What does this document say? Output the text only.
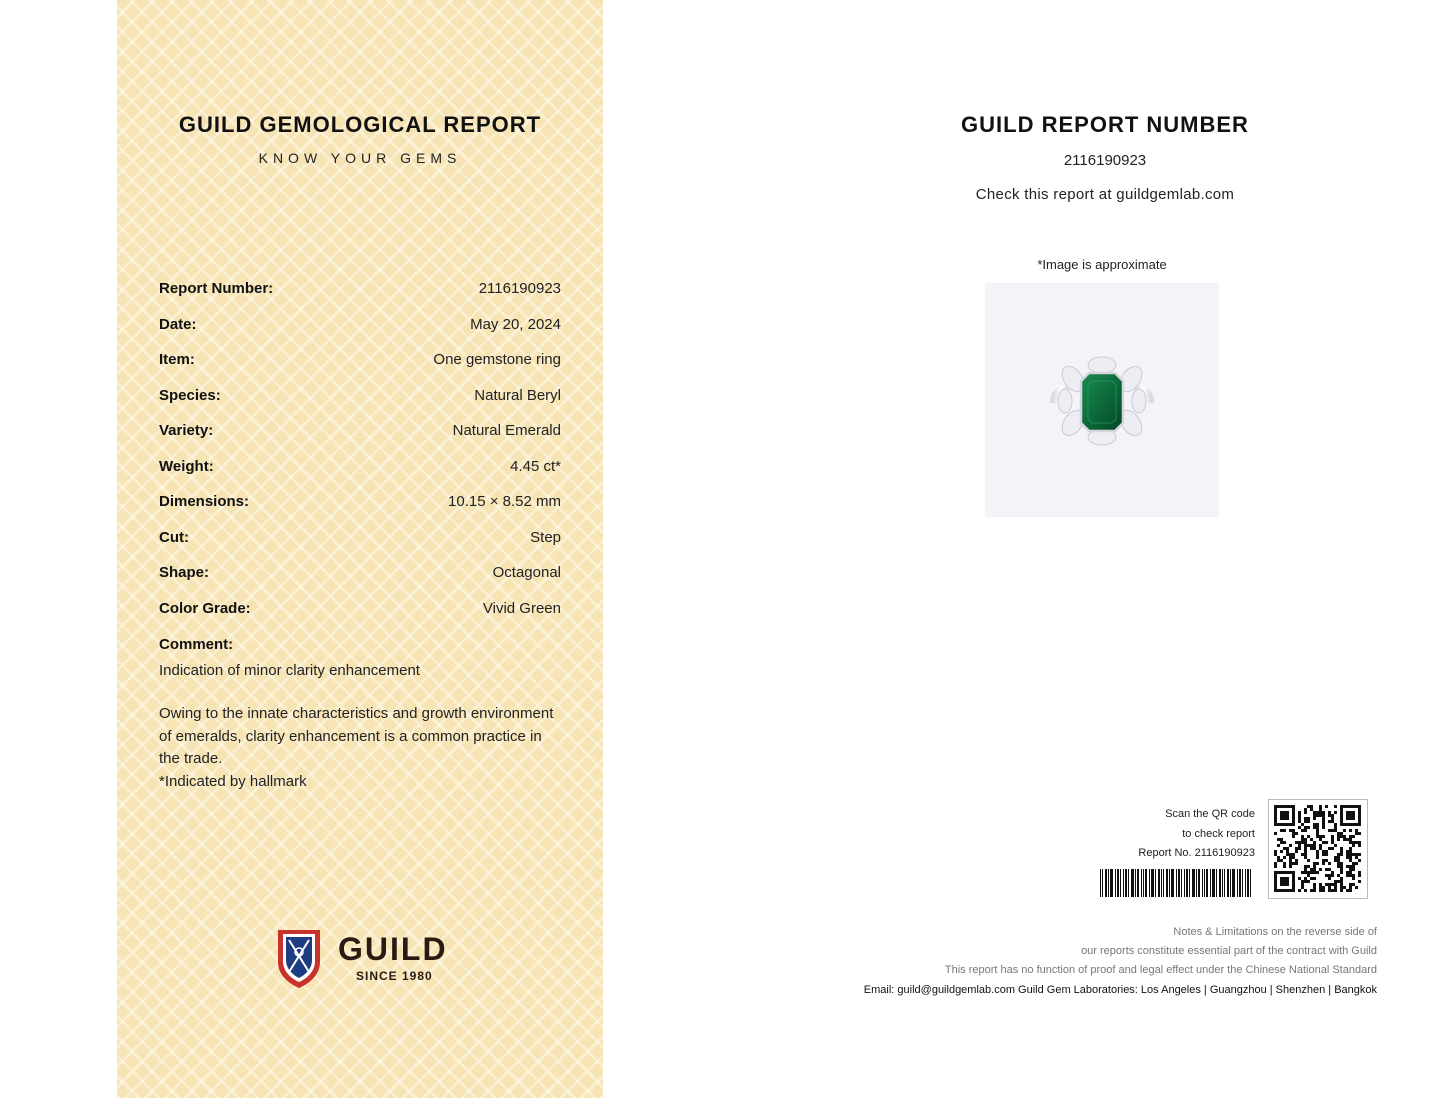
GUILD GEMOLOGICAL REPORT
KNOW YOUR GEMS
Report Number:	2116190923
Date:	May 20, 2024
Item:	One gemstone ring
Species:	Natural Beryl
Variety:	Natural Emerald
Weight:	4.45 ct*
Dimensions:	10.15 × 8.52 mm
Cut:	Step
Shape:	Octagonal
Color Grade:	Vivid Green
Comment:
Indication of minor clarity enhancement
Owing to the innate characteristics and growth environment of emeralds, clarity enhancement is a common practice in the trade.
*Indicated by hallmark
GUILD
SINCE 1980
GUILD REPORT NUMBER
2116190923
Check this report at guildgemlab.com
*Image is approximate
Scan the QR code
to check report
Report No. 2116190923
Notes & Limitations on the reverse side of
our reports constitute essential part of the contract with Guild
This report has no function of proof and legal effect under the Chinese National Standard
Email: guild@guildgemlab.com Guild Gem Laboratories: Los Angeles | Guangzhou | Shenzhen | Bangkok
